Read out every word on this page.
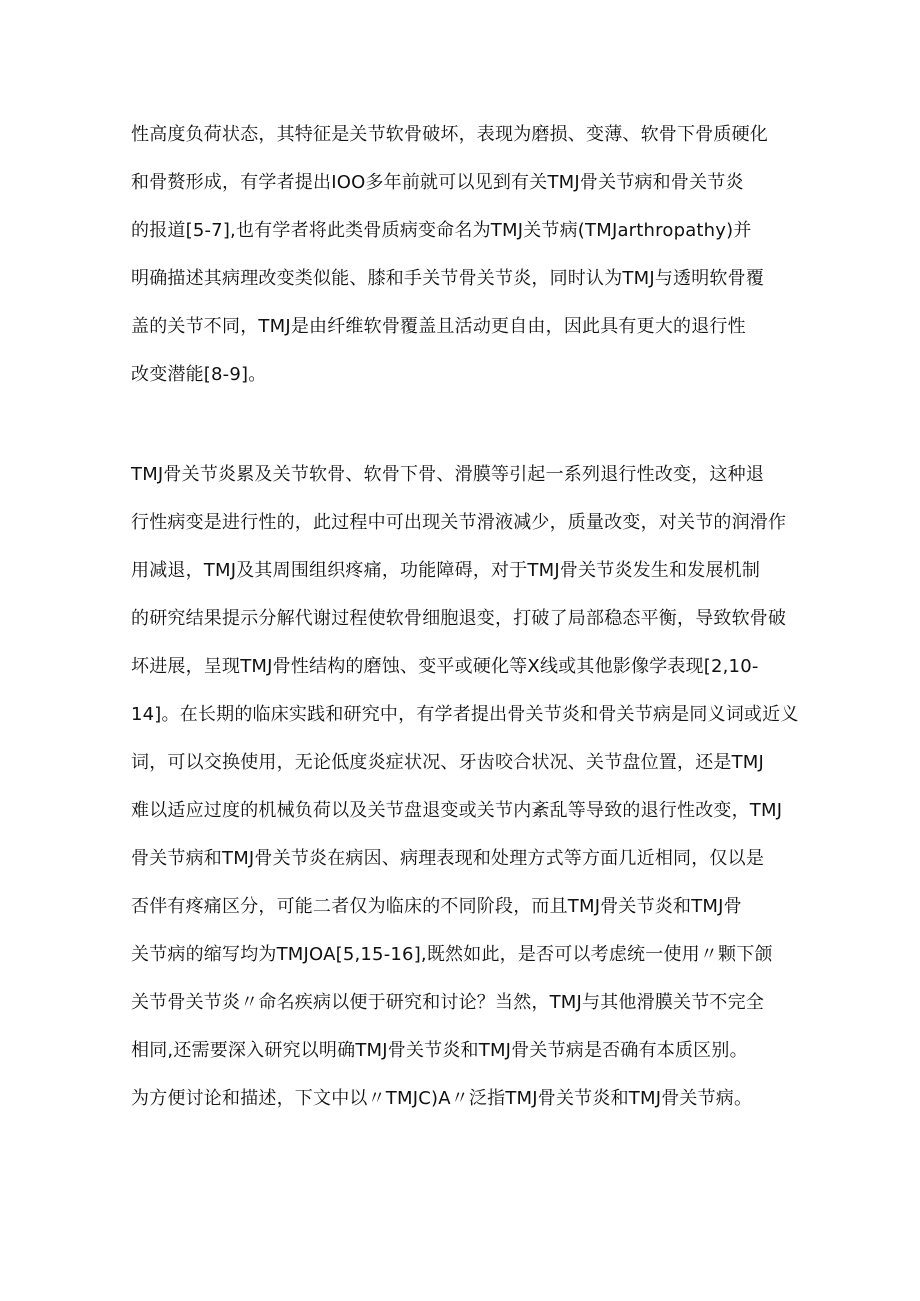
性高度负荷状态，其特征是关节软骨破坏，表现为磨损、变薄、软骨下骨质硬化
和骨赘形成，有学者提出IOO多年前就可以见到有关TMJ骨关节病和骨关节炎
的报道[5-7],也有学者将此类骨质病变命名为TMJ关节病(TMJarthropathy)并
明确描述其病理改变类似能、膝和手关节骨关节炎，同时认为TMJ与透明软骨覆
盖的关节不同，TMJ是由纤维软骨覆盖且活动更自由，因此具有更大的退行性
改变潜能[8-9]。
TMJ骨关节炎累及关节软骨、软骨下骨、滑膜等引起一系列退行性改变，这种退
行性病变是进行性的，此过程中可出现关节滑液减少，质量改变，对关节的润滑作
用减退，TMJ及其周围组织疼痛，功能障碍，对于TMJ骨关节炎发生和发展机制
的研究结果提示分解代谢过程使软骨细胞退变，打破了局部稳态平衡，导致软骨破
坏进展，呈现TMJ骨性结构的磨蚀、变平或硬化等X线或其他影像学表现[2,10-
14]。在长期的临床实践和研究中，有学者提出骨关节炎和骨关节病是同义词或近义
词，可以交换使用，无论低度炎症状况、牙齿咬合状况、关节盘位置，还是TMJ
难以适应过度的机械负荷以及关节盘退变或关节内紊乱等导致的退行性改变，TMJ
骨关节病和TMJ骨关节炎在病因、病理表现和处理方式等方面几近相同，仅以是
否伴有疼痛区分，可能二者仅为临床的不同阶段，而且TMJ骨关节炎和TMJ骨
关节病的缩写均为TMJOA[5,15-16],既然如此，是否可以考虑统一使用〃颗下颌
关节骨关节炎〃命名疾病以便于研究和讨论？当然，TMJ与其他滑膜关节不完全
相同,还需要深入研究以明确TMJ骨关节炎和TMJ骨关节病是否确有本质区别。
为方便讨论和描述，下文中以〃TMJC)A〃泛指TMJ骨关节炎和TMJ骨关节病。
